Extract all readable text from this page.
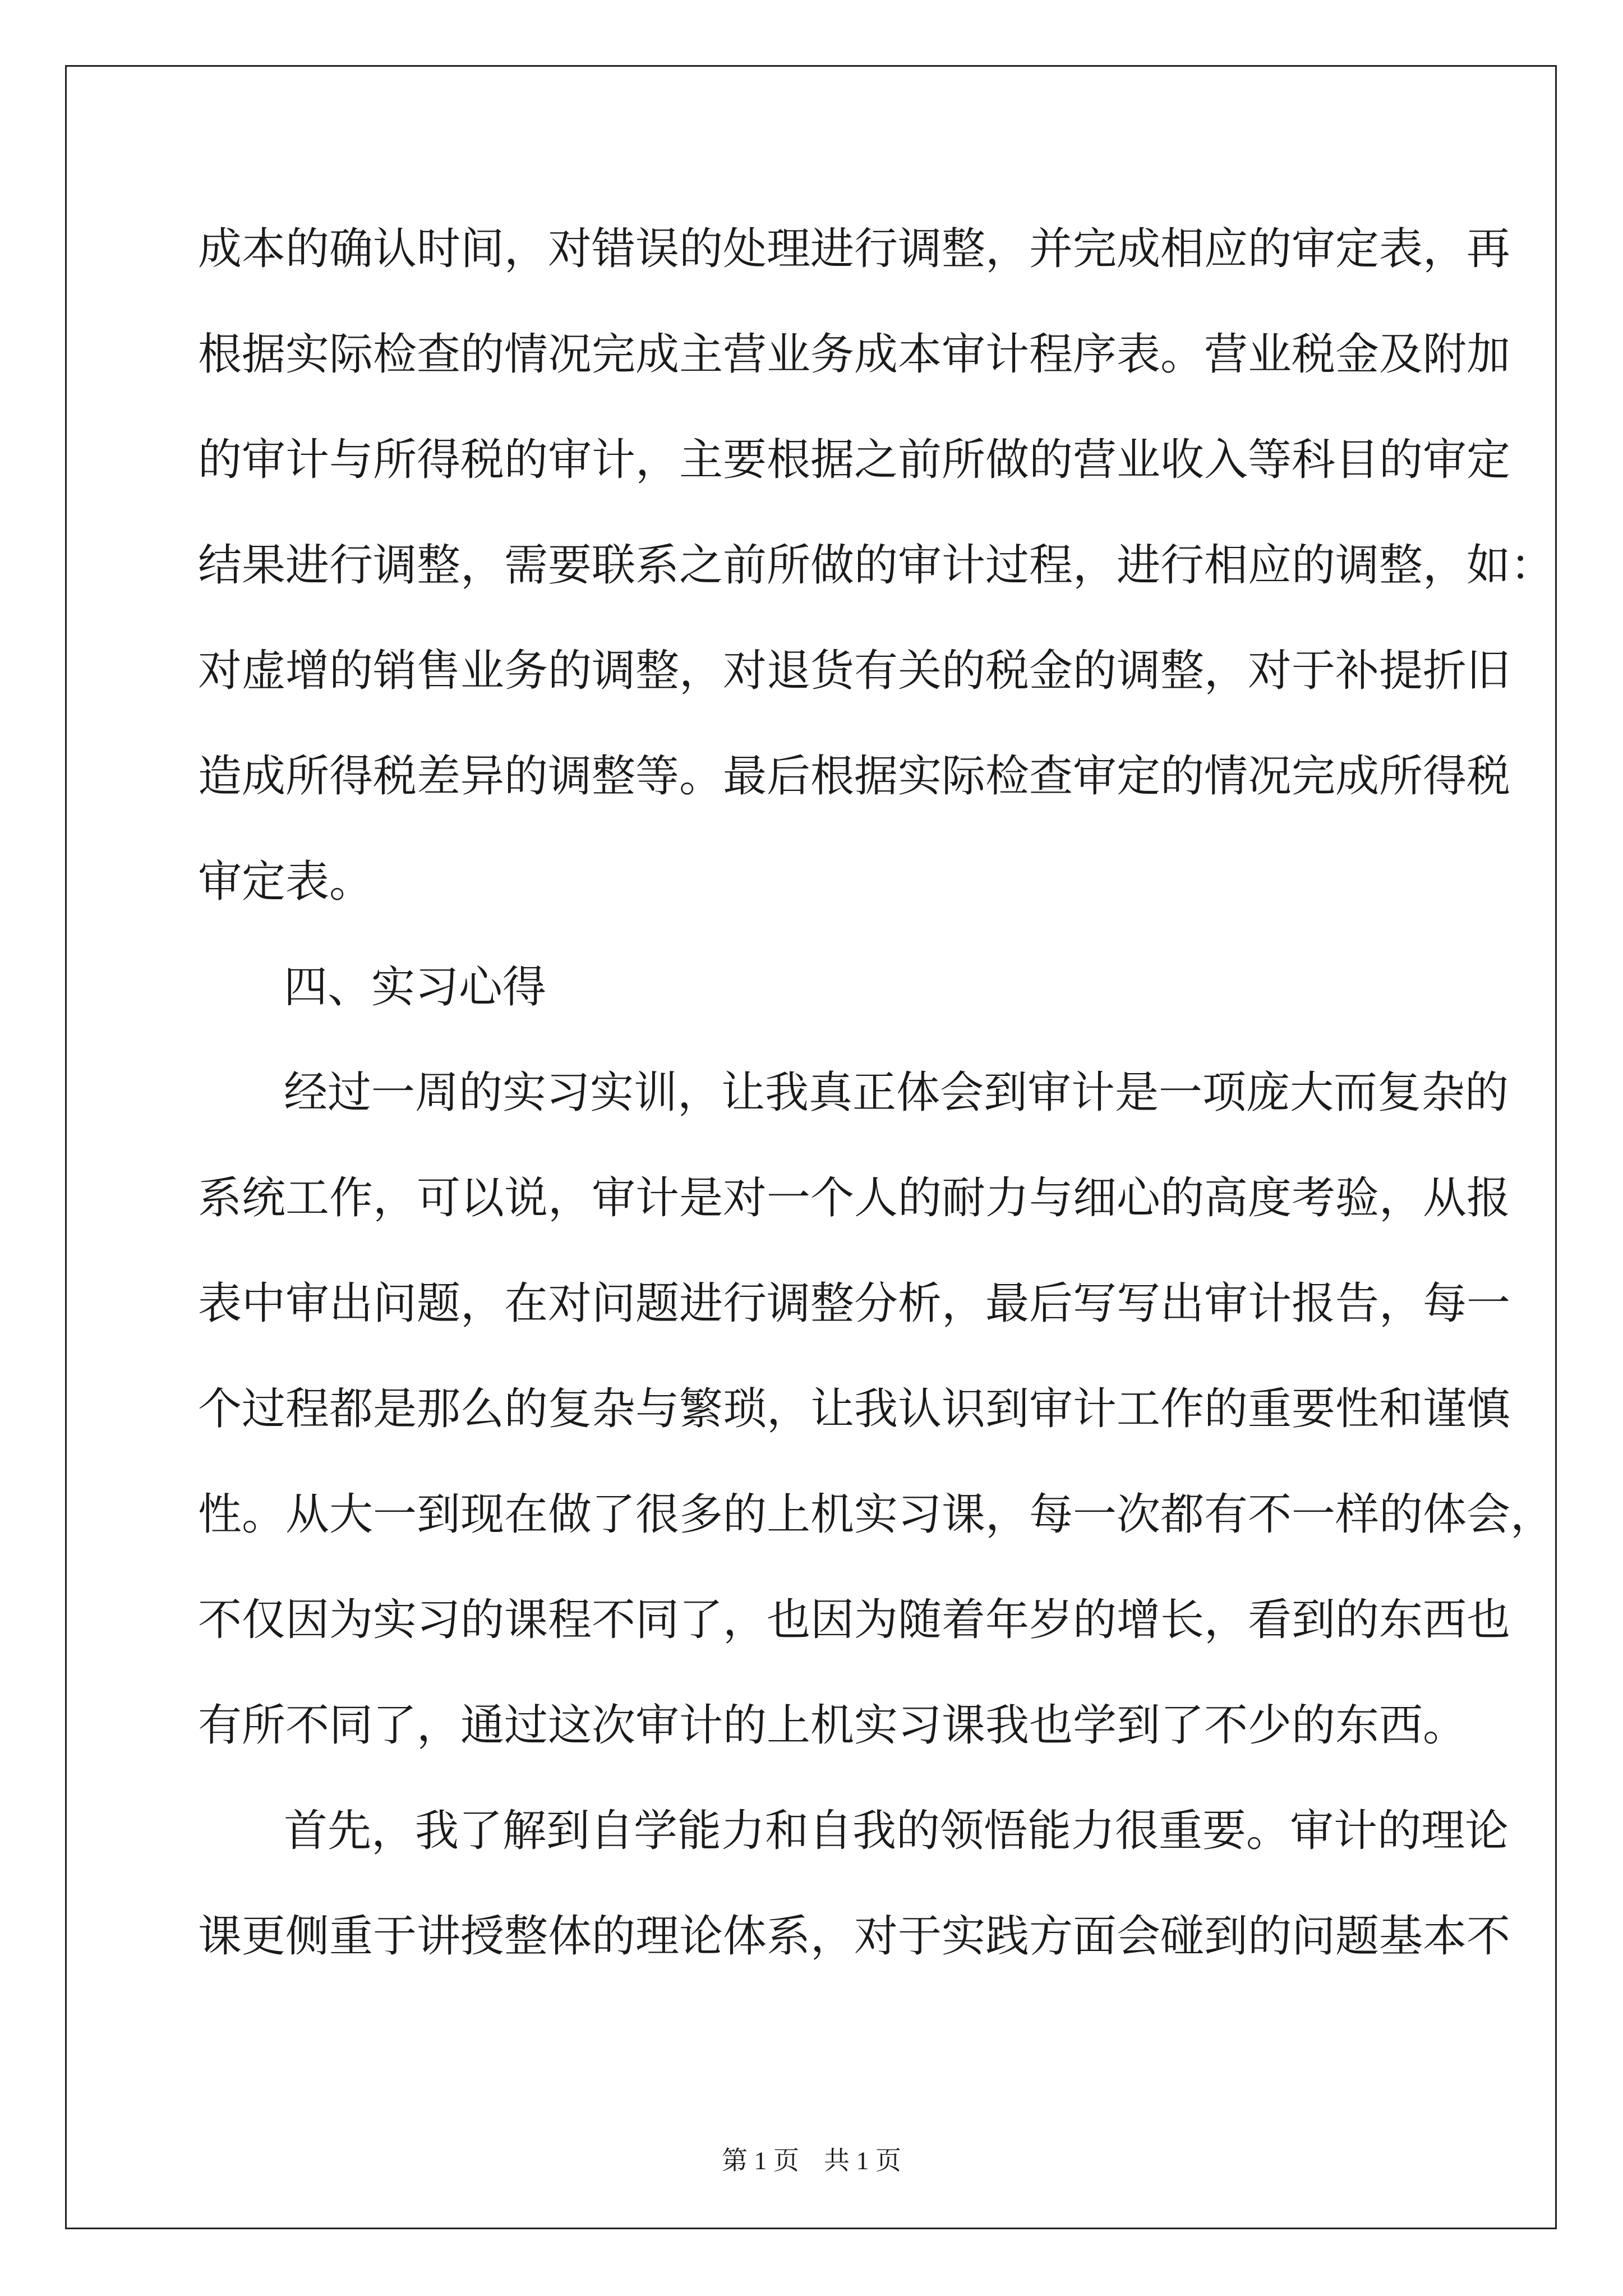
成本的确认时间，对错误的处理进行调整，并完成相应的审定表，再
根据实际检查的情况完成主营业务成本审计程序表。营业税金及附加
的审计与所得税的审计，主要根据之前所做的营业收入等科目的审定
结果进行调整，需要联系之前所做的审计过程，进行相应的调整，如：
对虚增的销售业务的调整，对退货有关的税金的调整，对于补提折旧
造成所得税差异的调整等。最后根据实际检查审定的情况完成所得税
审定表。
四、实习心得
经过一周的实习实训，让我真正体会到审计是一项庞大而复杂的
系统工作，可以说，审计是对一个人的耐力与细心的高度考验，从报
表中审出问题，在对问题进行调整分析，最后写写出审计报告，每一
个过程都是那么的复杂与繁琐，让我认识到审计工作的重要性和谨慎
性。从大一到现在做了很多的上机实习课，每一次都有不一样的体会，
不仅因为实习的课程不同了，也因为随着年岁的增长，看到的东西也
有所不同了，通过这次审计的上机实习课我也学到了不少的东西。
首先，我了解到自学能力和自我的领悟能力很重要。审计的理论
课更侧重于讲授整体的理论体系，对于实践方面会碰到的问题基本不
第 1 页 共 1 页
